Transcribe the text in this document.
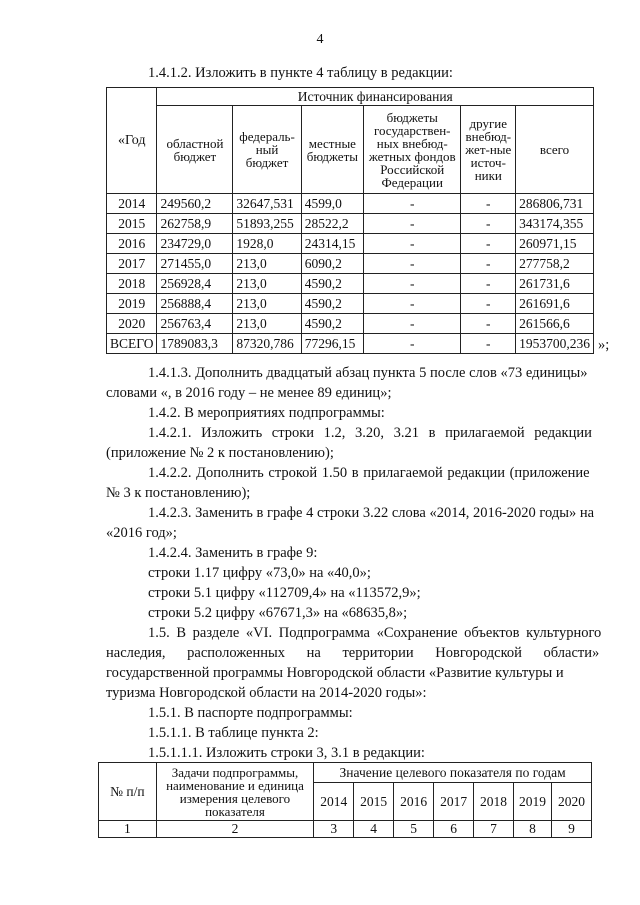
4
1.4.1.2. Изложить в пункте 4 таблицу в редакции:
«Год	Источник финансирования					
	областной бюджет	федераль-ный бюджет	местные бюджеты	бюджеты государствен-ных внебюд-жетных фондов Российской Федерации	другие внебюд-жет-ные источ-ники	всего
2014	249560,2	32647,531	4599,0	-	-	286806,731
2015	262758,9	51893,255	28522,2	-	-	343174,355
2016	234729,0	1928,0	24314,15	-	-	260971,15
2017	271455,0	213,0	6090,2	-	-	277758,2
2018	256928,4	213,0	4590,2	-	-	261731,6
2019	256888,4	213,0	4590,2	-	-	261691,6
2020	256763,4	213,0	4590,2	-	-	261566,6
ВСЕГО	1789083,3	87320,786	77296,15	-	-	1953700,236 »;
1.4.1.3. Дополнить двадцатый абзац пункта 5 после слов «73 единицы»
словами «, в 2016 году – не менее 89 единиц»;
1.4.2. В мероприятиях подпрограммы:
1.4.2.1. Изложить строки 1.2, 3.20, 3.21 в прилагаемой редакции
(приложение № 2 к постановлению);
1.4.2.2. Дополнить строкой 1.50 в прилагаемой редакции (приложение
№ 3 к постановлению);
1.4.2.3. Заменить в графе 4 строки 3.22 слова «2014, 2016-2020 годы» на
«2016 год»;
1.4.2.4. Заменить в графе 9:
строки 1.17 цифру «73,0» на «40,0»;
строки 5.1 цифру «112709,4» на «113572,9»;
строки 5.2 цифру «67671,3» на «68635,8»;
1.5. В разделе «VI. Подпрограмма «Сохранение объектов культурного
наследия, расположенных на территории Новгородской области»
государственной программы Новгородской области «Развитие культуры и
туризма Новгородской области на 2014-2020 годы»:
1.5.1. В паспорте подпрограммы:
1.5.1.1. В таблице пункта 2:
1.5.1.1.1. Изложить строки 3, 3.1 в редакции:
№ п/п	Задачи подпрограммы, наименование и единица измерения целевого показателя	Значение целевого показателя по годам						
		2014	2015	2016	2017	2018	2019	2020
1	2	3	4	5	6	7	8	9
